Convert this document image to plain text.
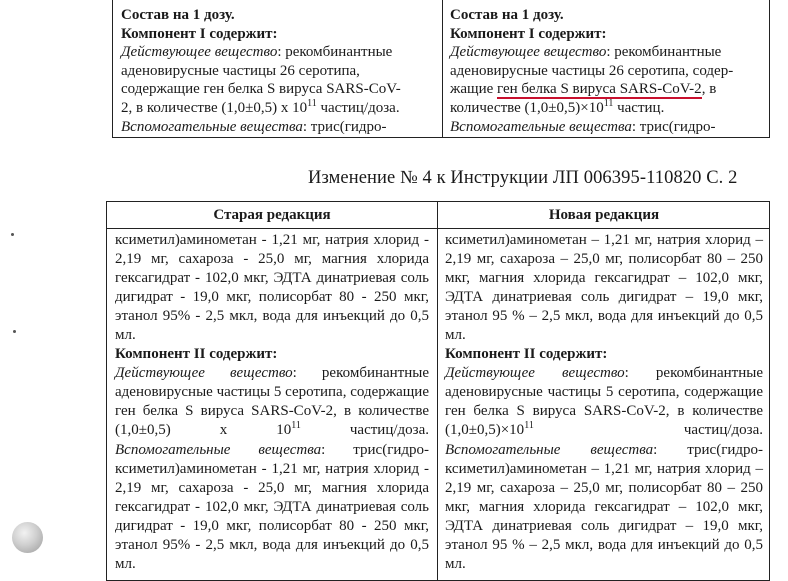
Состав на 1 дозу.
Компонент I содержит:
Действующее вещество: рекомбинантные
аденовирусные частицы 26 серотипа,
содержащие ген белка S вируса SARS-CoV-
2, в количестве (1,0±0,5) х $10^{11}$ частиц/доза.
Вспомогательные вещества: трис(гидро-
Состав на 1 дозу.
Компонент I содержит:
Действующее вещество: рекомбинантные
аденовирусные частицы 26 серотипа, содер-
жащие ген белка S вируса SARS-CoV-2, в
количестве $(1,0\pm 0,5)\times 10^{11}$ частиц.
Вспомогательные вещества: трис(гидро-
Изменение № 4 к Инструкции ЛП 006395-110820 С. 2
Старая редакция	Новая редакция
ксиметил)аминометан - 1,21 мг, натрия хлорид - 2,19 мг, сахароза - 25,0 мг, магния хлорида гексагидрат - 102,0 мкг, ЭДТА динатриевая соль дигидрат - 19,0 мкг, полисорбат 80 - 250 мкг, этанол 95% - 2,5 мкл, вода для инъекций до 0,5 мл.
Компонент II содержит:
Действующее вещество: рекомбинантные аденовирусные частицы 5 серотипа, содержащие ген белка S вируса SARS-CoV-2, в количестве (1,0±0,5) х $10^{11}$ частиц/доза.
Вспомогательные вещества: трис(гидро-ксиметил)аминометан - 1,21 мг, натрия хлорид - 2,19 мг, сахароза - 25,0 мг, магния хлорида гексагидрат - 102,0 мкг, ЭДТА динатриевая соль дигидрат - 19,0 мкг, полисорбат 80 - 250 мкг, этанол 95% - 2,5 мкл, вода для инъекций до 0,5 мл.
ксиметил)аминометан – 1,21 мг, натрия хлорид – 2,19 мг, сахароза – 25,0 мг, полисорбат 80 – 250 мкг, магния хлорида гексагидрат – 102,0 мкг, ЭДТА динатриевая соль дигидрат – 19,0 мкг, этанол 95 % – 2,5 мкл, вода для инъекций до 0,5 мл.
Компонент II содержит:
Действующее вещество: рекомбинантные аденовирусные частицы 5 серотипа, содержащие ген белка S вируса SARS-CoV-2, в количестве $(1,0\pm 0,5)\times 10^{11}$ частиц/доза.
Вспомогательные вещества: трис(гидро-ксиметил)аминометан – 1,21 мг, натрия хлорид – 2,19 мг, сахароза – 25,0 мг, полисорбат 80 – 250 мкг, магния хлорида гексагидрат – 102,0 мкг, ЭДТА динатриевая соль дигидрат – 19,0 мкг, этанол 95 % – 2,5 мкл, вода для инъекций до 0,5 мл.
